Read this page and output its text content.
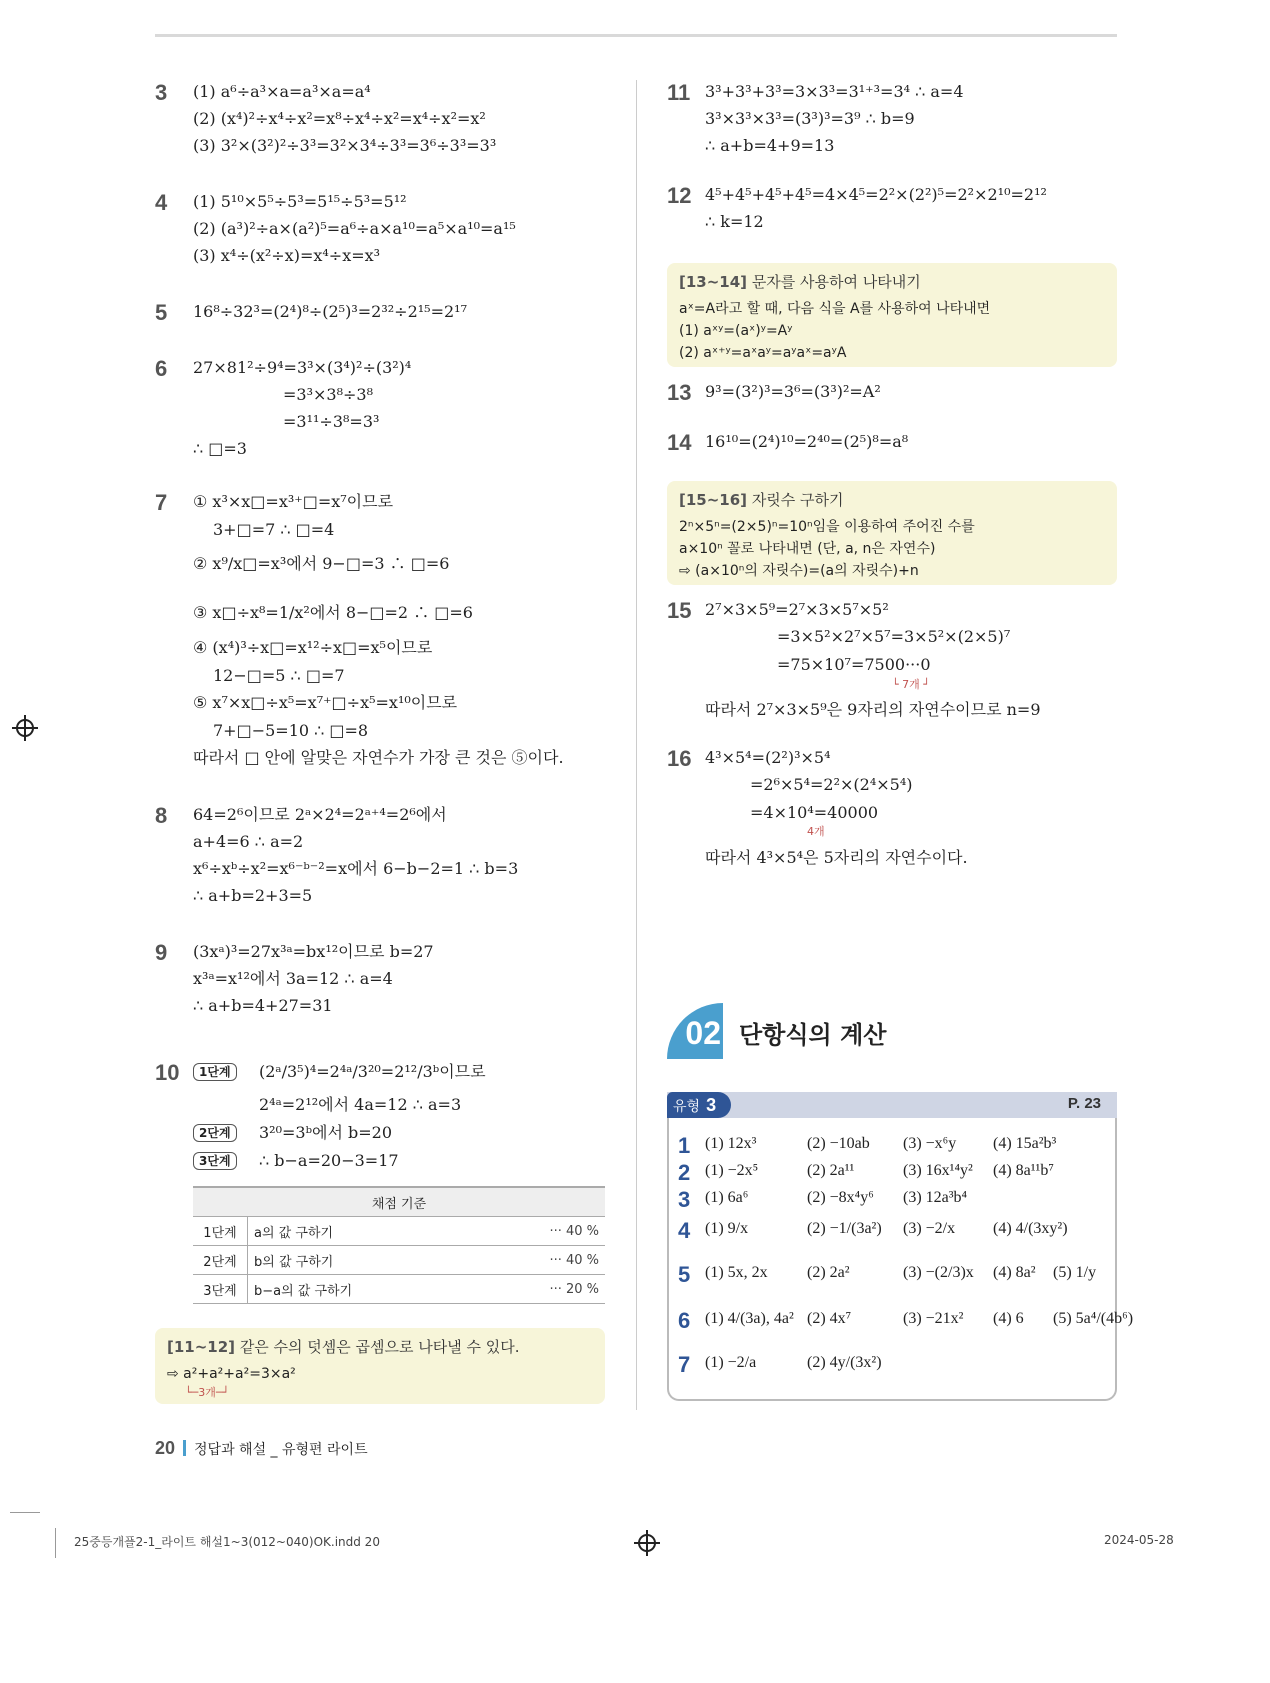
3 (1) a⁶÷a³×a=a³×a=a⁴
(2) (x⁴)²÷x⁴÷x²=x⁸÷x⁴÷x²=x⁴÷x²=x²
(3) 3²×(3²)²÷3³=3²×3⁴÷3³=3⁶÷3³=3³
4 (1) 5¹⁰×5⁵÷5³=5¹⁵÷5³=5¹²
(2) (a³)²÷a×(a²)⁵=a⁶÷a×a¹⁰=a⁵×a¹⁰=a¹⁵
(3) x⁴÷(x²÷x)=x⁴÷x=x³
5 16⁸÷32³=(2⁴)⁸÷(2⁵)³=2³²÷2¹⁵=2¹⁷
6 27×81²÷9⁴=3³×(3⁴)²÷(3²)⁴
=3³×3⁸÷3⁸
=3¹¹÷3⁸=3³
∴ □=3
7 ① x³×x□=x³⁺□=x⁷이므로
3+□=7 ∴ □=4
② x⁹/x□=x³에서 9−□=3 ∴ □=6
③ x□÷x⁸=1/x²에서 8−□=2 ∴ □=6
④ (x⁴)³÷x□=x¹²÷x□=x⁵이므로
12−□=5 ∴ □=7
⑤ x⁷×x□÷x⁵=x⁷⁺□÷x⁵=x¹⁰이므로
7+□−5=10 ∴ □=8
따라서 □ 안에 알맞은 자연수가 가장 큰 것은 ⑤이다.
8 64=2⁶이므로 2ᵃ×2⁴=2ᵃ⁺⁴=2⁶에서
a+4=6 ∴ a=2
x⁶÷xᵇ÷x²=x⁶⁻ᵇ⁻²=x에서 6−b−2=1 ∴ b=3
∴ a+b=2+3=5
9 (3xᵃ)³=27x³ᵃ=bx¹²이므로 b=27
x³ᵃ=x¹²에서 3a=12 ∴ a=4
∴ a+b=4+27=31
10	(2ᵃ/3⁵)⁴=2⁴ᵃ/3²⁰=2¹²/3ᵇ이므로
2⁴ᵃ=2¹²에서 4a=12 ∴ a=3
3²⁰=3ᵇ에서 b=20
∴ b−a=20−3=17
1단계
2단계
3단계
11 3³+3³+3³=3×3³=3¹⁺³=3⁴ ∴ a=4
3³×3³×3³=(3³)³=3⁹ ∴ b=9
∴ a+b=4+9=13
12 4⁵+4⁵+4⁵+4⁵=4×4⁵=2²×(2²)⁵=2²×2¹⁰=2¹²
∴ k=12
13 9³=(3²)³=3⁶=(3³)²=A²
14 16¹⁰=(2⁴)¹⁰=2⁴⁰=(2⁵)⁸=a⁸
15 2⁷×3×5⁹=2⁷×3×5⁷×5²
=3×5²×2⁷×5⁷=3×5²×(2×5)⁷
=75×10⁷=7500···0
따라서 2⁷×3×5⁹은 9자리의 자연수이므로 n=9
└ 7개 ┘
16 4³×5⁴=(2²)³×5⁴
=2⁶×5⁴=2²×(2⁴×5⁴)
=4×10⁴=40000
따라서 4³×5⁴은 5자리의 자연수이다.
4개
채점 기준		
1단계	a의 값 구하기	··· 40 %
2단계	b의 값 구하기	··· 40 %
3단계	b−a의 값 구하기	··· 20 %
[11~12] 같은 수의 덧셈은 곱셈으로 나타낼 수 있다.
⇨ a²+a²+a²=3×a²
└─3개─┘
[13~14] 문자를 사용하여 나타내기
aˣ=A라고 할 때, 다음 식을 A를 사용하여 나타내면
(1) aˣʸ=(aˣ)ʸ=Aʸ
(2) aˣ⁺ʸ=aˣaʸ=aʸaˣ=aʸA
[15~16] 자릿수 구하기
2ⁿ×5ⁿ=(2×5)ⁿ=10ⁿ임을 이용하여 주어진 수를
a×10ⁿ 꼴로 나타내면 (단, a, n은 자연수)
⇨ (a×10ⁿ의 자릿수)=(a의 자릿수)+n
02 단항식의 계산
유형 3	P. 23
1 (1) 12x³	(2) −10ab (3) −x⁶y (4) 15a²b³
2 (1) −2x⁵	(2) 2a¹¹	(3) 16x¹⁴y² (4) 8a¹¹b⁷
3 (1) 6a⁶	(2) −8x⁴y⁶ (3) 12a³b⁴
4 (1) 9/x	(2) −1/(3a²) (3) −2/x (4) 4/(3xy²)
5 (1) 5x, 2x (2) 2a²	(3) −(2/3)x (4) 8a² (5) 1/y
6 (1) 4/(3a), 4a² (2) 4x⁷	(3) −21x² (4) 6 (5) 5a⁴/(4b⁶)
7 (1) −2/a	(2) 4y/(3x²)
20 정답과 해설 _ 유형편 라이트
25중등개플2-1_라이트 해설1~3(012~040)OK.indd 20	2024-05-28
